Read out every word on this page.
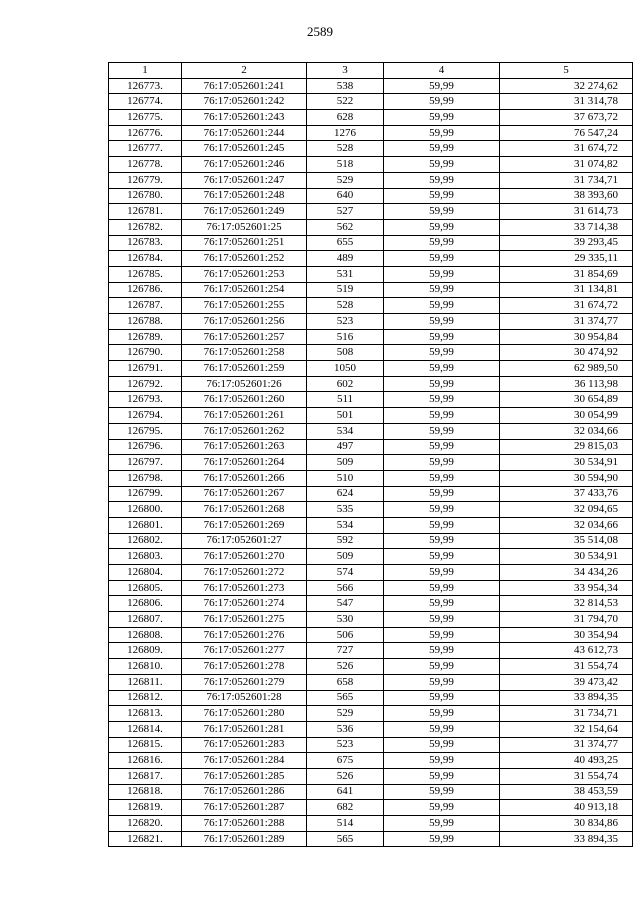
2589
1	2	3	4	5
126773.	76:17:052601:241	538	59,99	32 274,62
126774.	76:17:052601:242	522	59,99	31 314,78
126775.	76:17:052601:243	628	59,99	37 673,72
126776.	76:17:052601:244	1276	59,99	76 547,24
126777.	76:17:052601:245	528	59,99	31 674,72
126778.	76:17:052601:246	518	59,99	31 074,82
126779.	76:17:052601:247	529	59,99	31 734,71
126780.	76:17:052601:248	640	59,99	38 393,60
126781.	76:17:052601:249	527	59,99	31 614,73
126782.	76:17:052601:25	562	59,99	33 714,38
126783.	76:17:052601:251	655	59,99	39 293,45
126784.	76:17:052601:252	489	59,99	29 335,11
126785.	76:17:052601:253	531	59,99	31 854,69
126786.	76:17:052601:254	519	59,99	31 134,81
126787.	76:17:052601:255	528	59,99	31 674,72
126788.	76:17:052601:256	523	59,99	31 374,77
126789.	76:17:052601:257	516	59,99	30 954,84
126790.	76:17:052601:258	508	59,99	30 474,92
126791.	76:17:052601:259	1050	59,99	62 989,50
126792.	76:17:052601:26	602	59,99	36 113,98
126793.	76:17:052601:260	511	59,99	30 654,89
126794.	76:17:052601:261	501	59,99	30 054,99
126795.	76:17:052601:262	534	59,99	32 034,66
126796.	76:17:052601:263	497	59,99	29 815,03
126797.	76:17:052601:264	509	59,99	30 534,91
126798.	76:17:052601:266	510	59,99	30 594,90
126799.	76:17:052601:267	624	59,99	37 433,76
126800.	76:17:052601:268	535	59,99	32 094,65
126801.	76:17:052601:269	534	59,99	32 034,66
126802.	76:17:052601:27	592	59,99	35 514,08
126803.	76:17:052601:270	509	59,99	30 534,91
126804.	76:17:052601:272	574	59,99	34 434,26
126805.	76:17:052601:273	566	59,99	33 954,34
126806.	76:17:052601:274	547	59,99	32 814,53
126807.	76:17:052601:275	530	59,99	31 794,70
126808.	76:17:052601:276	506	59,99	30 354,94
126809.	76:17:052601:277	727	59,99	43 612,73
126810.	76:17:052601:278	526	59,99	31 554,74
126811.	76:17:052601:279	658	59,99	39 473,42
126812.	76:17:052601:28	565	59,99	33 894,35
126813.	76:17:052601:280	529	59,99	31 734,71
126814.	76:17:052601:281	536	59,99	32 154,64
126815.	76:17:052601:283	523	59,99	31 374,77
126816.	76:17:052601:284	675	59,99	40 493,25
126817.	76:17:052601:285	526	59,99	31 554,74
126818.	76:17:052601:286	641	59,99	38 453,59
126819.	76:17:052601:287	682	59,99	40 913,18
126820.	76:17:052601:288	514	59,99	30 834,86
126821.	76:17:052601:289	565	59,99	33 894,35
